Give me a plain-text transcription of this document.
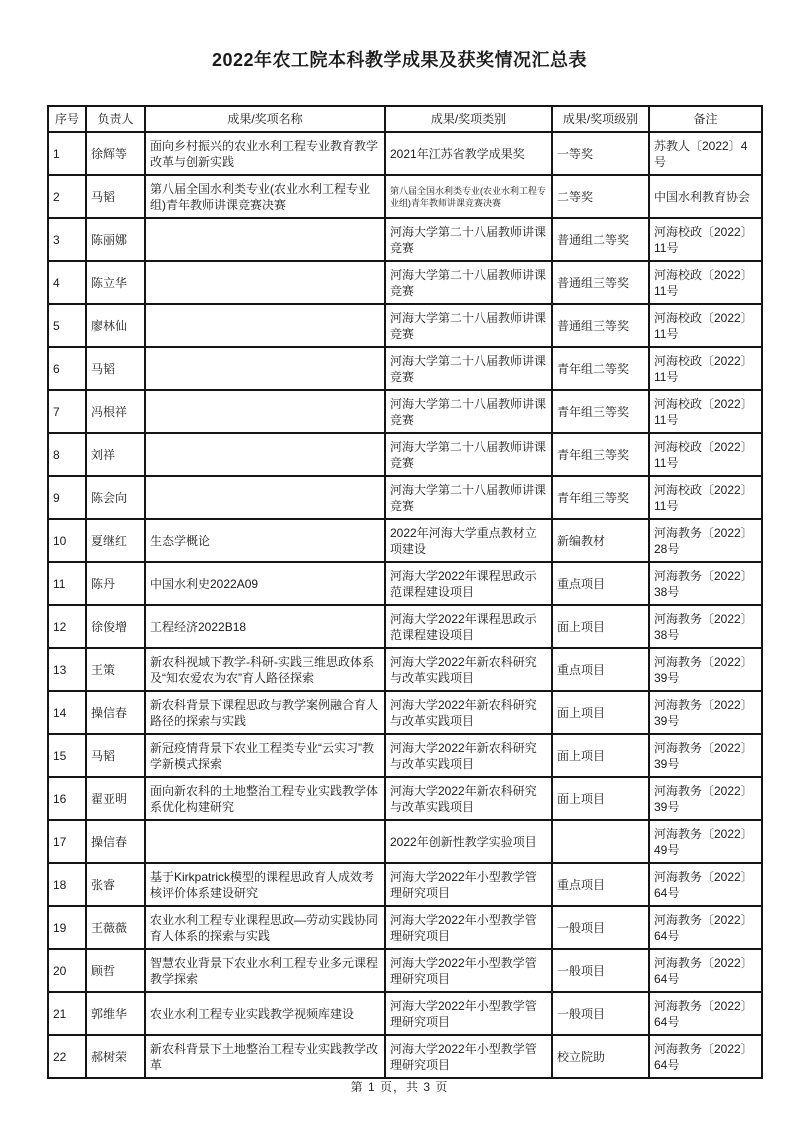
2022年农工院本科教学成果及获奖情况汇总表
序号	负责人	成果/奖项名称	成果/奖项类别	成果/奖项级别	备注
1	徐辉等	面向乡村振兴的农业水利工程专业教育教学改革与创新实践	2021年江苏省教学成果奖	一等奖	苏教人〔2022〕4号
2	马韬	第八届全国水利类专业(农业水利工程专业组)青年教师讲课竞赛决赛	第八届全国水利类专业(农业水利工程专业组)青年教师讲课竞赛决赛	二等奖	中国水利教育协会
3	陈丽娜		河海大学第二十八届教师讲课竞赛	普通组二等奖	河海校政〔2022〕11号
4	陈立华		河海大学第二十八届教师讲课竞赛	普通组三等奖	河海校政〔2022〕11号
5	廖林仙		河海大学第二十八届教师讲课竞赛	普通组三等奖	河海校政〔2022〕11号
6	马韬		河海大学第二十八届教师讲课竞赛	青年组二等奖	河海校政〔2022〕11号
7	冯根祥		河海大学第二十八届教师讲课竞赛	青年组三等奖	河海校政〔2022〕11号
8	刘祥		河海大学第二十八届教师讲课竞赛	青年组三等奖	河海校政〔2022〕11号
9	陈会向		河海大学第二十八届教师讲课竞赛	青年组三等奖	河海校政〔2022〕11号
10	夏继红	生态学概论	2022年河海大学重点教材立项建设	新编教材	河海教务〔2022〕28号
11	陈丹	中国水利史2022A09	河海大学2022年课程思政示范课程建设项目	重点项目	河海教务〔2022〕38号
12	徐俊增	工程经济2022B18	河海大学2022年课程思政示范课程建设项目	面上项目	河海教务〔2022〕38号
13	王策	新农科视域下教学-科研-实践三维思政体系及“知农爱农为农”育人路径探索	河海大学2022年新农科研究与改革实践项目	重点项目	河海教务〔2022〕39号
14	操信春	新农科背景下课程思政与教学案例融合育人路径的探索与实践	河海大学2022年新农科研究与改革实践项目	面上项目	河海教务〔2022〕39号
15	马韬	新冠疫情背景下农业工程类专业“云实习”教学新模式探索	河海大学2022年新农科研究与改革实践项目	面上项目	河海教务〔2022〕39号
16	翟亚明	面向新农科的土地整治工程专业实践教学体系优化构建研究	河海大学2022年新农科研究与改革实践项目	面上项目	河海教务〔2022〕39号
17	操信春		2022年创新性教学实验项目		河海教务〔2022〕49号
18	张睿	基于Kirkpatrick模型的课程思政育人成效考核评价体系建设研究	河海大学2022年小型教学管理研究项目	重点项目	河海教务〔2022〕64号
19	王薇薇	农业水利工程专业课程思政—劳动实践协同育人体系的探索与实践	河海大学2022年小型教学管理研究项目	一般项目	河海教务〔2022〕64号
20	顾哲	智慧农业背景下农业水利工程专业多元课程教学探索	河海大学2022年小型教学管理研究项目	一般项目	河海教务〔2022〕64号
21	郭维华	农业水利工程专业实践教学视频库建设	河海大学2022年小型教学管理研究项目	一般项目	河海教务〔2022〕64号
22	郝树荣	新农科背景下土地整治工程专业实践教学改革	河海大学2022年小型教学管理研究项目	校立院助	河海教务〔2022〕64号
第 1 页，共 3 页
